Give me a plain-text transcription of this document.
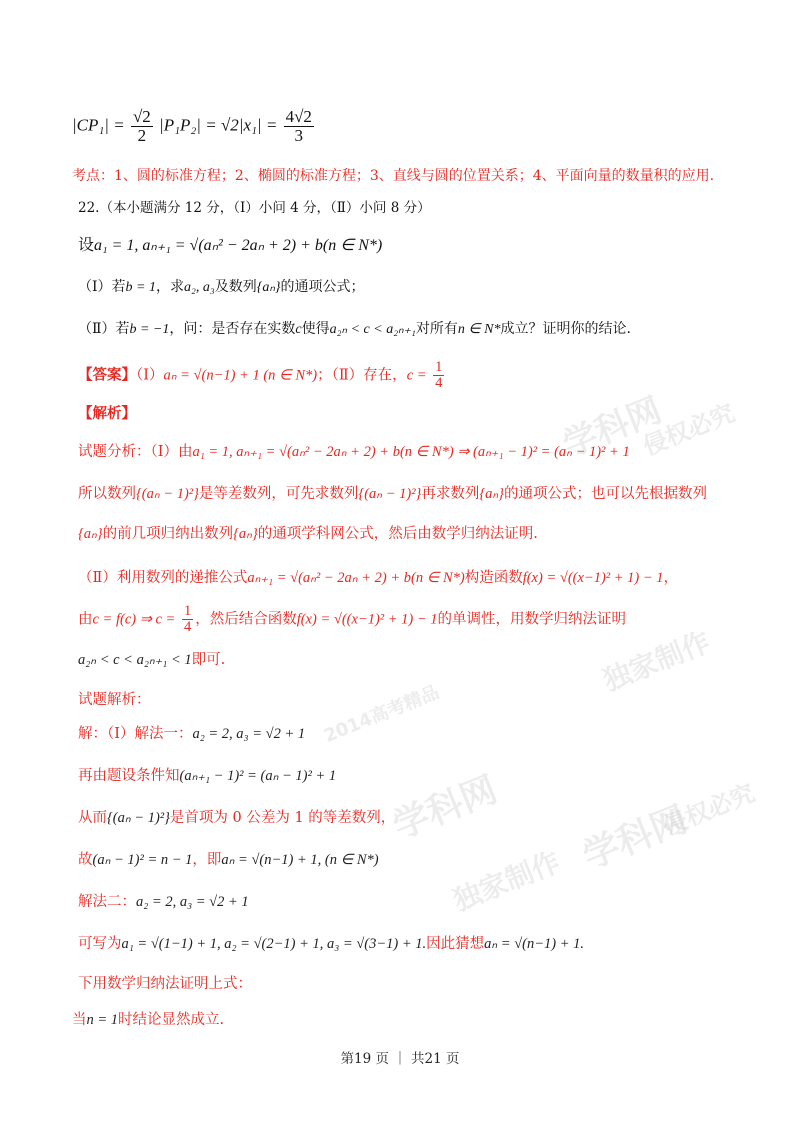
学科网
侵权必究
独家制作
2014高考精品
学科网
独家制作
学科网
侵权必究
$|CP_1| = \frac{√2}{2} |P_1P_2| = √2|x_1| = \frac{4√2}{3}$
考点：1、圆的标准方程；2、椭圆的标准方程；3、直线与圆的位置关系；4、平面向量的数量积的应用.
22.（本小题满分 12 分，（Ⅰ）小问 4 分，（Ⅱ）小问 8 分）
设a₁ = 1, aₙ₊₁ = √(aₙ² − 2aₙ + 2) + b(n ∈ N*)
（Ⅰ）若b = 1，求a₂, a₃及数列{aₙ}的通项公式；
（Ⅱ）若b = −1，问：是否存在实数c使得a₂ₙ < c < a₂ₙ₊₁对所有n ∈ N*成立？证明你的结论.
【答案】（Ⅰ）aₙ = √(n−1) + 1 (n ∈ N*)；（Ⅱ）存在，$c = \frac{1}{4}$
【解析】
试题分析：（Ⅰ）由a₁ = 1, aₙ₊₁ = √(aₙ² − 2aₙ + 2) + b(n ∈ N*) ⇒ (aₙ₊₁ − 1)² = (aₙ − 1)² + 1
所以数列{(aₙ − 1)²}是等差数列，可先求数列{(aₙ − 1)²}再求数列{aₙ}的通项公式；也可以先根据数列
{aₙ}的前几项归纳出数列{aₙ}的通项学科网公式，然后由数学归纳法证明.
（Ⅱ）利用数列的递推公式aₙ₊₁ = √(aₙ² − 2aₙ + 2) + b(n ∈ N*)构造函数f(x) = √((x−1)² + 1) − 1，
由c = f(c) ⇒ $c = \frac{1}{4}$ ，然后结合函数f(x) = √((x−1)² + 1) − 1的单调性，用数学归纳法证明
a₂ₙ < c < a₂ₙ₊₁ < 1即可.
试题解析：
解：（Ⅰ）解法一：a₂ = 2, a₃ = √2 + 1
再由题设条件知(aₙ₊₁ − 1)² = (aₙ − 1)² + 1
从而{(aₙ − 1)²}是首项为 0 公差为 1 的等差数列，
故(aₙ − 1)² = n − 1，即aₙ = √(n−1) + 1, (n ∈ N*)
解法二：a₂ = 2, a₃ = √2 + 1
可写为a₁ = √(1−1) + 1, a₂ = √(2−1) + 1, a₃ = √(3−1) + 1.因此猜想aₙ = √(n−1) + 1.
下用数学归纳法证明上式：
当n = 1时结论显然成立.
第19 页 ｜ 共21 页
